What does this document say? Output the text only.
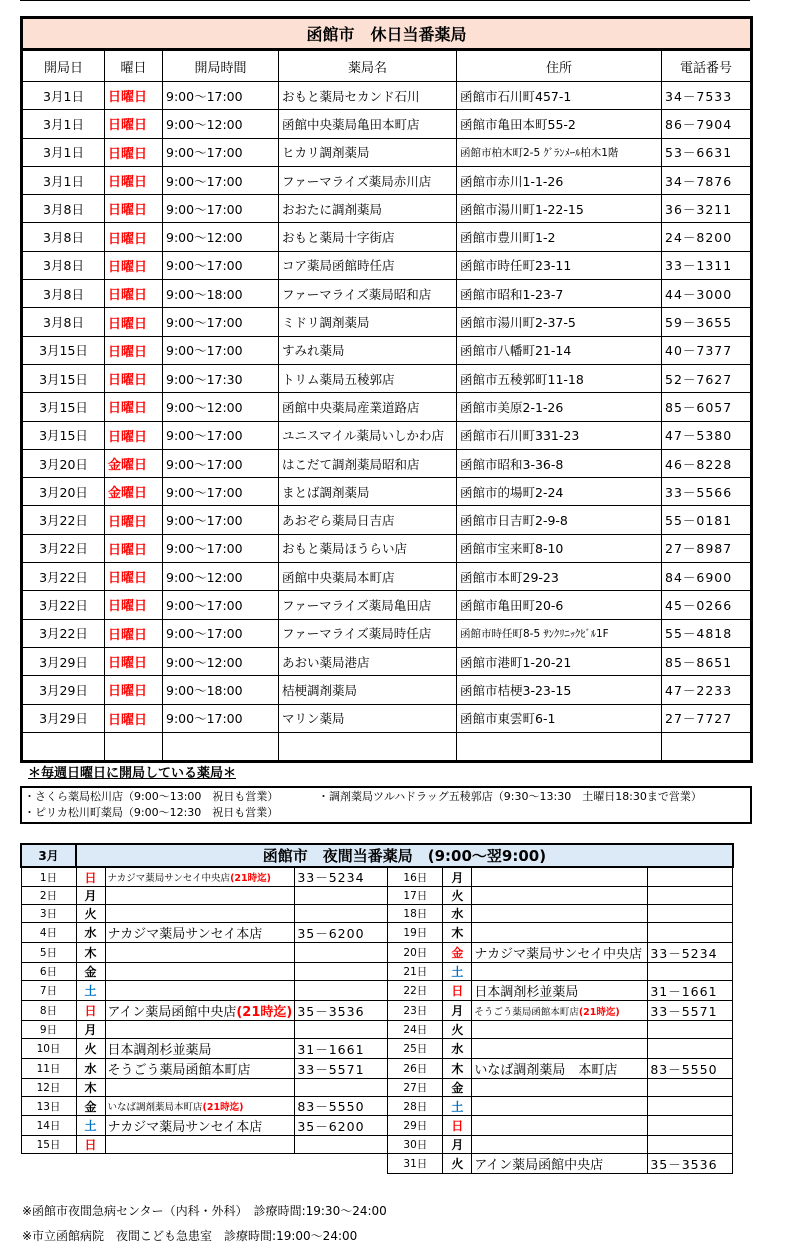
函館市　休日当番薬局					
開局日	曜日	開局時間	薬局名	住所	電話番号
3月1日	日曜日	9:00～17:00	おもと薬局セカンド石川	函館市石川町457-1	34－7533
3月1日	日曜日	9:00～12:00	函館中央薬局亀田本町店	函館市亀田本町55-2	86－7904
3月1日	日曜日	9:00～17:00	ヒカリ調剤薬局	函館市柏木町2-5 ｸﾞﾗﾝﾒｰﾙ柏木1階	53－6631
3月1日	日曜日	9:00～17:00	ファーマライズ薬局赤川店	函館市赤川1-1-26	34－7876
3月8日	日曜日	9:00～17:00	おおたに調剤薬局	函館市湯川町1-22-15	36－3211
3月8日	日曜日	9:00～12:00	おもと薬局十字街店	函館市豊川町1-2	24－8200
3月8日	日曜日	9:00～17:00	コア薬局函館時任店	函館市時任町23-11	33－1311
3月8日	日曜日	9:00～18:00	ファーマライズ薬局昭和店	函館市昭和1-23-7	44－3000
3月8日	日曜日	9:00～17:00	ミドリ調剤薬局	函館市湯川町2-37-5	59－3655
3月15日	日曜日	9:00～17:00	すみれ薬局	函館市八幡町21-14	40－7377
3月15日	日曜日	9:00～17:30	トリム薬局五稜郭店	函館市五稜郭町11-18	52－7627
3月15日	日曜日	9:00～12:00	函館中央薬局産業道路店	函館市美原2-1-26	85－6057
3月15日	日曜日	9:00～17:00	ユニスマイル薬局いしかわ店	函館市石川町331-23	47－5380
3月20日	金曜日	9:00～17:00	はこだて調剤薬局昭和店	函館市昭和3-36-8	46－8228
3月20日	金曜日	9:00～17:00	まとば調剤薬局	函館市的場町2-24	33－5566
3月22日	日曜日	9:00～17:00	あおぞら薬局日吉店	函館市日吉町2-9-8	55－0181
3月22日	日曜日	9:00～17:00	おもと薬局ほうらい店	函館市宝来町8-10	27－8987
3月22日	日曜日	9:00～12:00	函館中央薬局本町店	函館市本町29-23	84－6900
3月22日	日曜日	9:00～17:00	ファーマライズ薬局亀田店	函館市亀田町20-6	45－0266
3月22日	日曜日	9:00～17:00	ファーマライズ薬局時任店	函館市時任町8-5 ｻﾝｸﾘﾆｯｸﾋﾞﾙ1F	55－4818
3月29日	日曜日	9:00～12:00	あおい薬局港店	函館市港町1-20-21	85－8651
3月29日	日曜日	9:00～18:00	桔梗調剤薬局	函館市桔梗3-23-15	47－2233
3月29日	日曜日	9:00～17:00	マリン薬局	函館市東雲町6-1	27－7727

＊毎週日曜日に開局している薬局＊
・さくら薬局松川店（9:00～13:00　祝日も営業）	・調剤薬局ツルハドラッグ五稜郭店（9:30～13:30　土曜日18:30まで営業）
・ピリカ松川町薬局（9:00～12:30　祝日も営業）
3月	函館市　夜間当番薬局　(9:00～翌9:00)						
1日	日	ナカジマ薬局サンセイ中央店(21時迄)	33－5234	16日	月		
2日	月			17日	火		
3日	火			18日	水		
4日	水	ナカジマ薬局サンセイ本店	35－6200	19日	木		
5日	木			20日	金	ナカジマ薬局サンセイ中央店	33－5234
6日	金			21日	土		
7日	土			22日	日	日本調剤杉並薬局	31－1661
8日	日	アイン薬局函館中央店(21時迄)	35－3536	23日	月	そうごう薬局函館本町店(21時迄)	33－5571
9日	月			24日	火		
10日	火	日本調剤杉並薬局	31－1661	25日	水		
11日	水	そうごう薬局函館本町店	33－5571	26日	木	いなば調剤薬局　本町店	83－5550
12日	木			27日	金		
13日	金	いなば調剤薬局本町店(21時迄)	83－5550	28日	土		
14日	土	ナカジマ薬局サンセイ本店	35－6200	29日	日		
15日	日			30日	月		
				31日	火	アイン薬局函館中央店	35－3536
※函館市夜間急病センター（内科・外科）　診療時間:19:30～24:00
※市立函館病院　夜間こども急患室　診療時間:19:00～24:00
